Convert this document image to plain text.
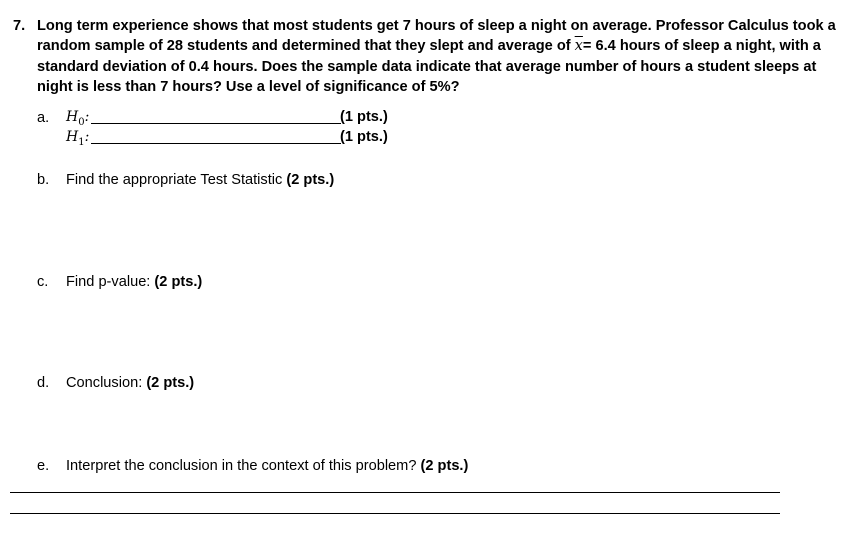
7. Long term experience shows that most students get 7 hours of sleep a night on average. Professor Calculus took a random sample of 28 students and determined that they slept and average of $\overline{x}= 6.4$ hours of sleep a night, with a standard deviation of 0.4 hours. Does the sample data indicate that average number of hours a student sleeps at night is less than 7 hours? Use a level of significance of 5%?
a. $H_0$:	(1 pts.)
$H_1$:	(1 pts.)
b. Find the appropriate Test Statistic (2 pts.)
c. Find p-value: (2 pts.)
d. Conclusion: (2 pts.)
e. Interpret the conclusion in the context of this problem? (2 pts.)
